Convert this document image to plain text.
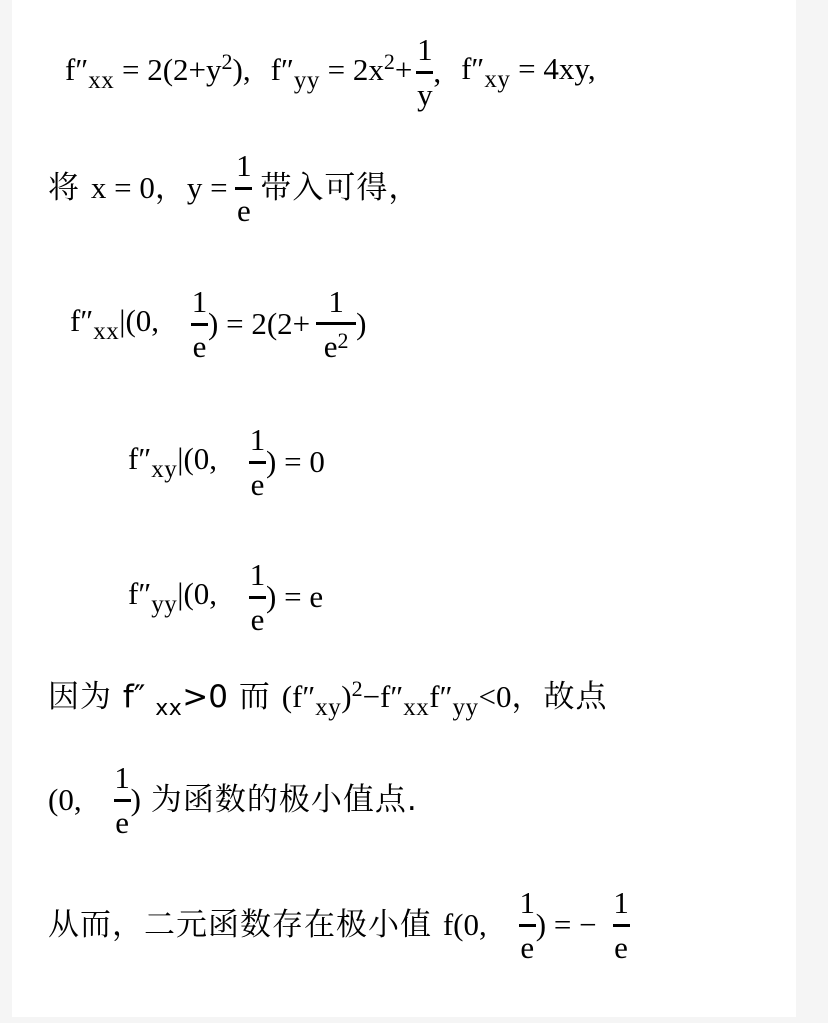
$f''_{xx} = 2(2+y^2)$, $f''_{yy} = 2x^2+ \frac{1}{y}$ , $f''_{xy} = 4xy$,
将 x = 0，$y = \frac{1}{e}$ 带入可得，
$f''_{xx}|(0$, $\frac{1}{e}$ ) = $2(2+ \frac{1}{e^2}$ )
$f''_{xy}|(0$, $\frac{1}{e}$ ) = 0
$f''_{yy}|(0$, $\frac{1}{e}$ ) = e
因为 f″ $_{xx}$>0 而 $(f''_{xy})^2-f''_{xx}f''_{yy}<0$，故点
(0, $\frac{1}{e}$ ) 为函数的极小值点.
从而，二元函数存在极小值 f(0, $\frac{1}{e}$ ) = − $\frac{1}{e}$
